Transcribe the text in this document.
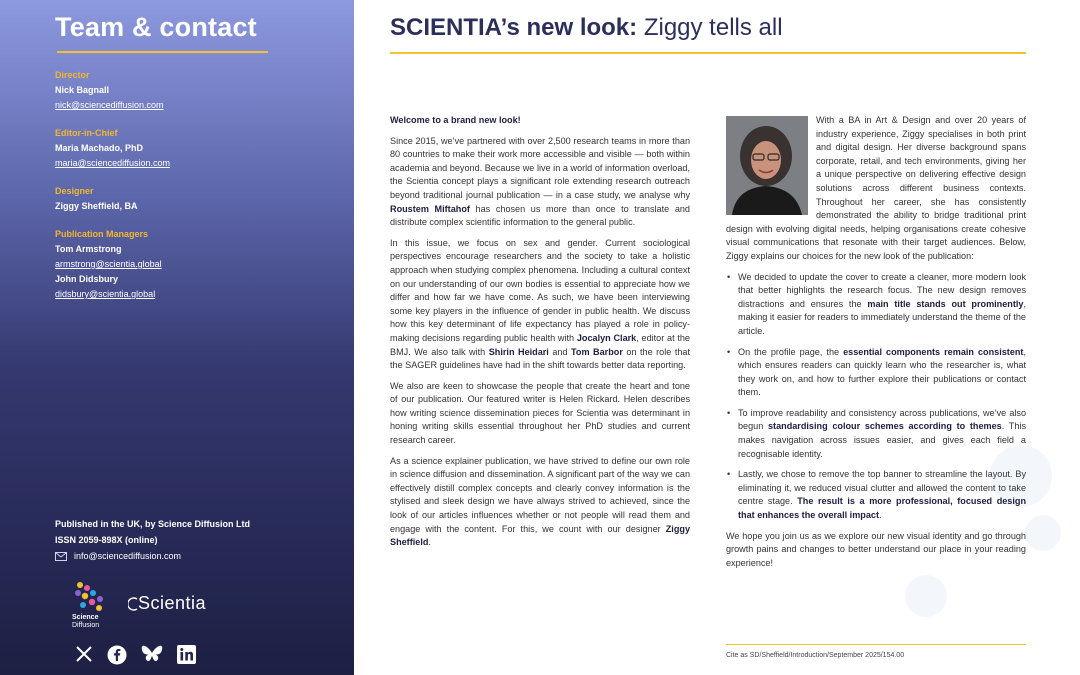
Team & contact
Director
Nick Bagnall
nick@sciencediffusion.com
Editor-in-Chief
Maria Machado, PhD
maria@sciencediffusion.com
Designer
Ziggy Sheffield, BA
Publication Managers
Tom Armstrong
armstrong@scientia.global
John Didsbury
didsbury@scientia.global
Published in the UK, by Science Diffusion Ltd
ISSN 2059-898X (online)
info@sciencediffusion.com
Science
Diffusion
Scientia
SCIENTIA’s new look: Ziggy tells all

Welcome to a brand new look!

Since 2015, we’ve partnered with over 2,500 research teams in more than 80 countries to make their work more accessible and visible — both within academia and beyond. Because we live in a world of information overload, the Scientia concept plays a significant role extending research outreach beyond traditional journal publication — in a case study, we analyse why Roustem Miftahof has chosen us more than once to translate and distribute complex scientific information to the general public.

In this issue, we focus on sex and gender. Current sociological perspectives encourage researchers and the society to take a holistic approach when studying complex phenomena. Including a cultural context on our understanding of our own bodies is essential to appreciate how we differ and how far we have come. As such, we have been interviewing some key players in the influence of gender in public health. We discuss how this key determinant of life expectancy has played a role in policy-making decisions regarding public health with Jocalyn Clark, editor at the BMJ. We also talk with Shirin Heidari and Tom Barbor on the role that the SAGER guidelines have had in the shift towards better data reporting.

We also are keen to showcase the people that create the heart and tone of our publication. Our featured writer is Helen Rickard. Helen describes how writing science dissemination pieces for Scientia was determinant in honing writing skills essential throughout her PhD studies and current research career.

As a science explainer publication, we have strived to define our own role in science diffusion and dissemination. A significant part of the way we can effectively distill complex concepts and clearly convey information is the stylised and sleek design we have always strived to achieved, since the look of our articles influences whether or not people will read them and engage with the content. For this, we count with our designer Ziggy Sheffield.

With a BA in Art & Design and over 20 years of industry experience, Ziggy specialises in both print and digital design. Her diverse background spans corporate, retail, and tech environments, giving her a unique perspective on delivering effective design solutions across different business contexts. Throughout her career, she has consistently demonstrated the ability to bridge traditional print design with evolving digital needs, helping organisations create cohesive visual communications that resonate with their target audiences. Below, Ziggy explains our choices for the new look of the publication:

• We decided to update the cover to create a cleaner, more modern look that better highlights the research focus. The new design removes distractions and ensures the main title stands out prominently, making it easier for readers to immediately understand the theme of the article.
• On the profile page, the essential components remain consistent, which ensures readers can quickly learn who the researcher is, what they work on, and how to further explore their publications or contact them.
• To improve readability and consistency across publications, we’ve also begun standardising colour schemes according to themes. This makes navigation across issues easier, and gives each field a recognisable identity.
• Lastly, we chose to remove the top banner to streamline the layout. By eliminating it, we reduced visual clutter and allowed the content to take centre stage. The result is a more professional, focused design that enhances the overall impact.

We hope you join us as we explore our new visual identity and go through growth pains and changes to better understand our place in your reading experience!

Cite as SD/Sheffield/Introduction/September 2025/154.00
